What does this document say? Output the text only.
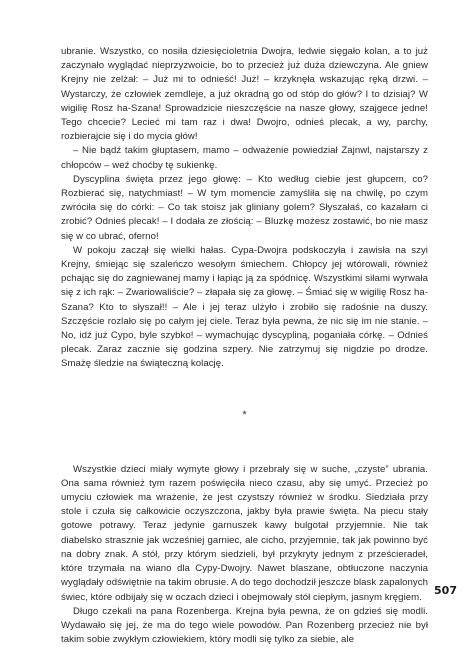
ubranie. Wszystko, co nosiła dziesięcioletnia Dwojra, ledwie sięgało kolan, a to już zaczynało wyglądać nieprzyzwoicie, bo to przecież już duża dziewczyna. Ale gniew Krejny nie zelżał: – Już mi to odnieść! Już! – krzyknęła wskazując ręką drzwi. – Wystarczy, że człowiek zemdleje, a już okradną go od stóp do głów? I to dzisiaj? W wigilię Rosz ha-Szana! Sprowadzicie nieszczęście na nasze głowy, szajgece jedne! Tego chcecie? Lecieć mi tam raz i dwa! Dwojro, odnieś plecak, a wy, parchy, rozbierajcie się i do mycia głów!

– Nie bądź takim głuptasem, mamo – odważenie powiedział Zajnwl, najstarszy z chłopców – weź choćby tę sukienkę.

Dyscyplina święta przez jego głowę: – Kto według ciebie jest głupcem, co? Rozbierać się, natychmiast! – W tym momencie zamyśliła się na chwilę, po czym zwróciła się do córki: – Co tak stoisz jak gliniany golem? Słyszałaś, co kazałam ci zrobić? Odnieś plecak! – I dodała ze złością: – Bluzkę możesz zostawić, bo nie masz się w co ubrać, oferno!

W pokoju zaczął się wielki hałas. Cypa-Dwojra podskoczyła i zawisła na szyi Krejny, śmiejąc się szaleńczo wesołym śmiechem. Chłopcy jej wtórowali, również pchając się do zagniewanej mamy i łapiąc ją za spódnicę. Wszystkimi siłami wyrwała się z ich rąk: – Zwariowaliście? – złapała się za głowę. – Śmiać się w wigilię Rosz ha-Szana? Kto to słyszał!! – Ale i jej teraz ulżyło i zrobiło się radośnie na duszy. Szczęście rozlało się po całym jej ciele. Teraz była pewna, że nic się im nie stanie. – No, idź już Cypo, byle szybko! – wymachując dyscypliną, poganiała córkę. – Odnieś plecak. Zaraz zacznie się godzina szpery. Nie zatrzymuj się nigdzie po drodze. Smażę śledzie na świąteczną kolację.

*

Wszystkie dzieci miały wymyte głowy i przebrały się w suche, „czyste” ubrania. Ona sama również tym razem poświęciła nieco czasu, aby się umyć. Przecież po umyciu człowiek ma wrażenie, że jest czystszy również w środku. Siedziała przy stole i czuła się całkowicie oczyszczona, jakby była prawie święta. Na piecu stały gotowe potrawy. Teraz jedynie garnuszek kawy bulgotał przyjemnie. Nie tak diabelsko strasznie jak wcześniej garniec, ale cicho, przyjemnie, tak jak powinno być na dobry znak. A stół, przy którym siedzieli, był przykryty jednym z prześcieradeł, które trzymała na wiano dla Cypy-Dwojry. Nawet blaszane, obtłuczone naczynia wyglądały odświętnie na takim obrusie. A do tego dochodził jeszcze blask zapalonych świec, które odbijały się w oczach dzieci i obejmowały stół ciepłym, jasnym kręgiem.

Długo czekali na pana Rozenberga. Krejna była pewna, że on gdzieś się modli. Wydawało się jej, że ma do tego wiele powodów. Pan Rozenberg przecież nie był takim sobie zwykłym człowiekiem, który modli się tylko za siebie, ale

507
